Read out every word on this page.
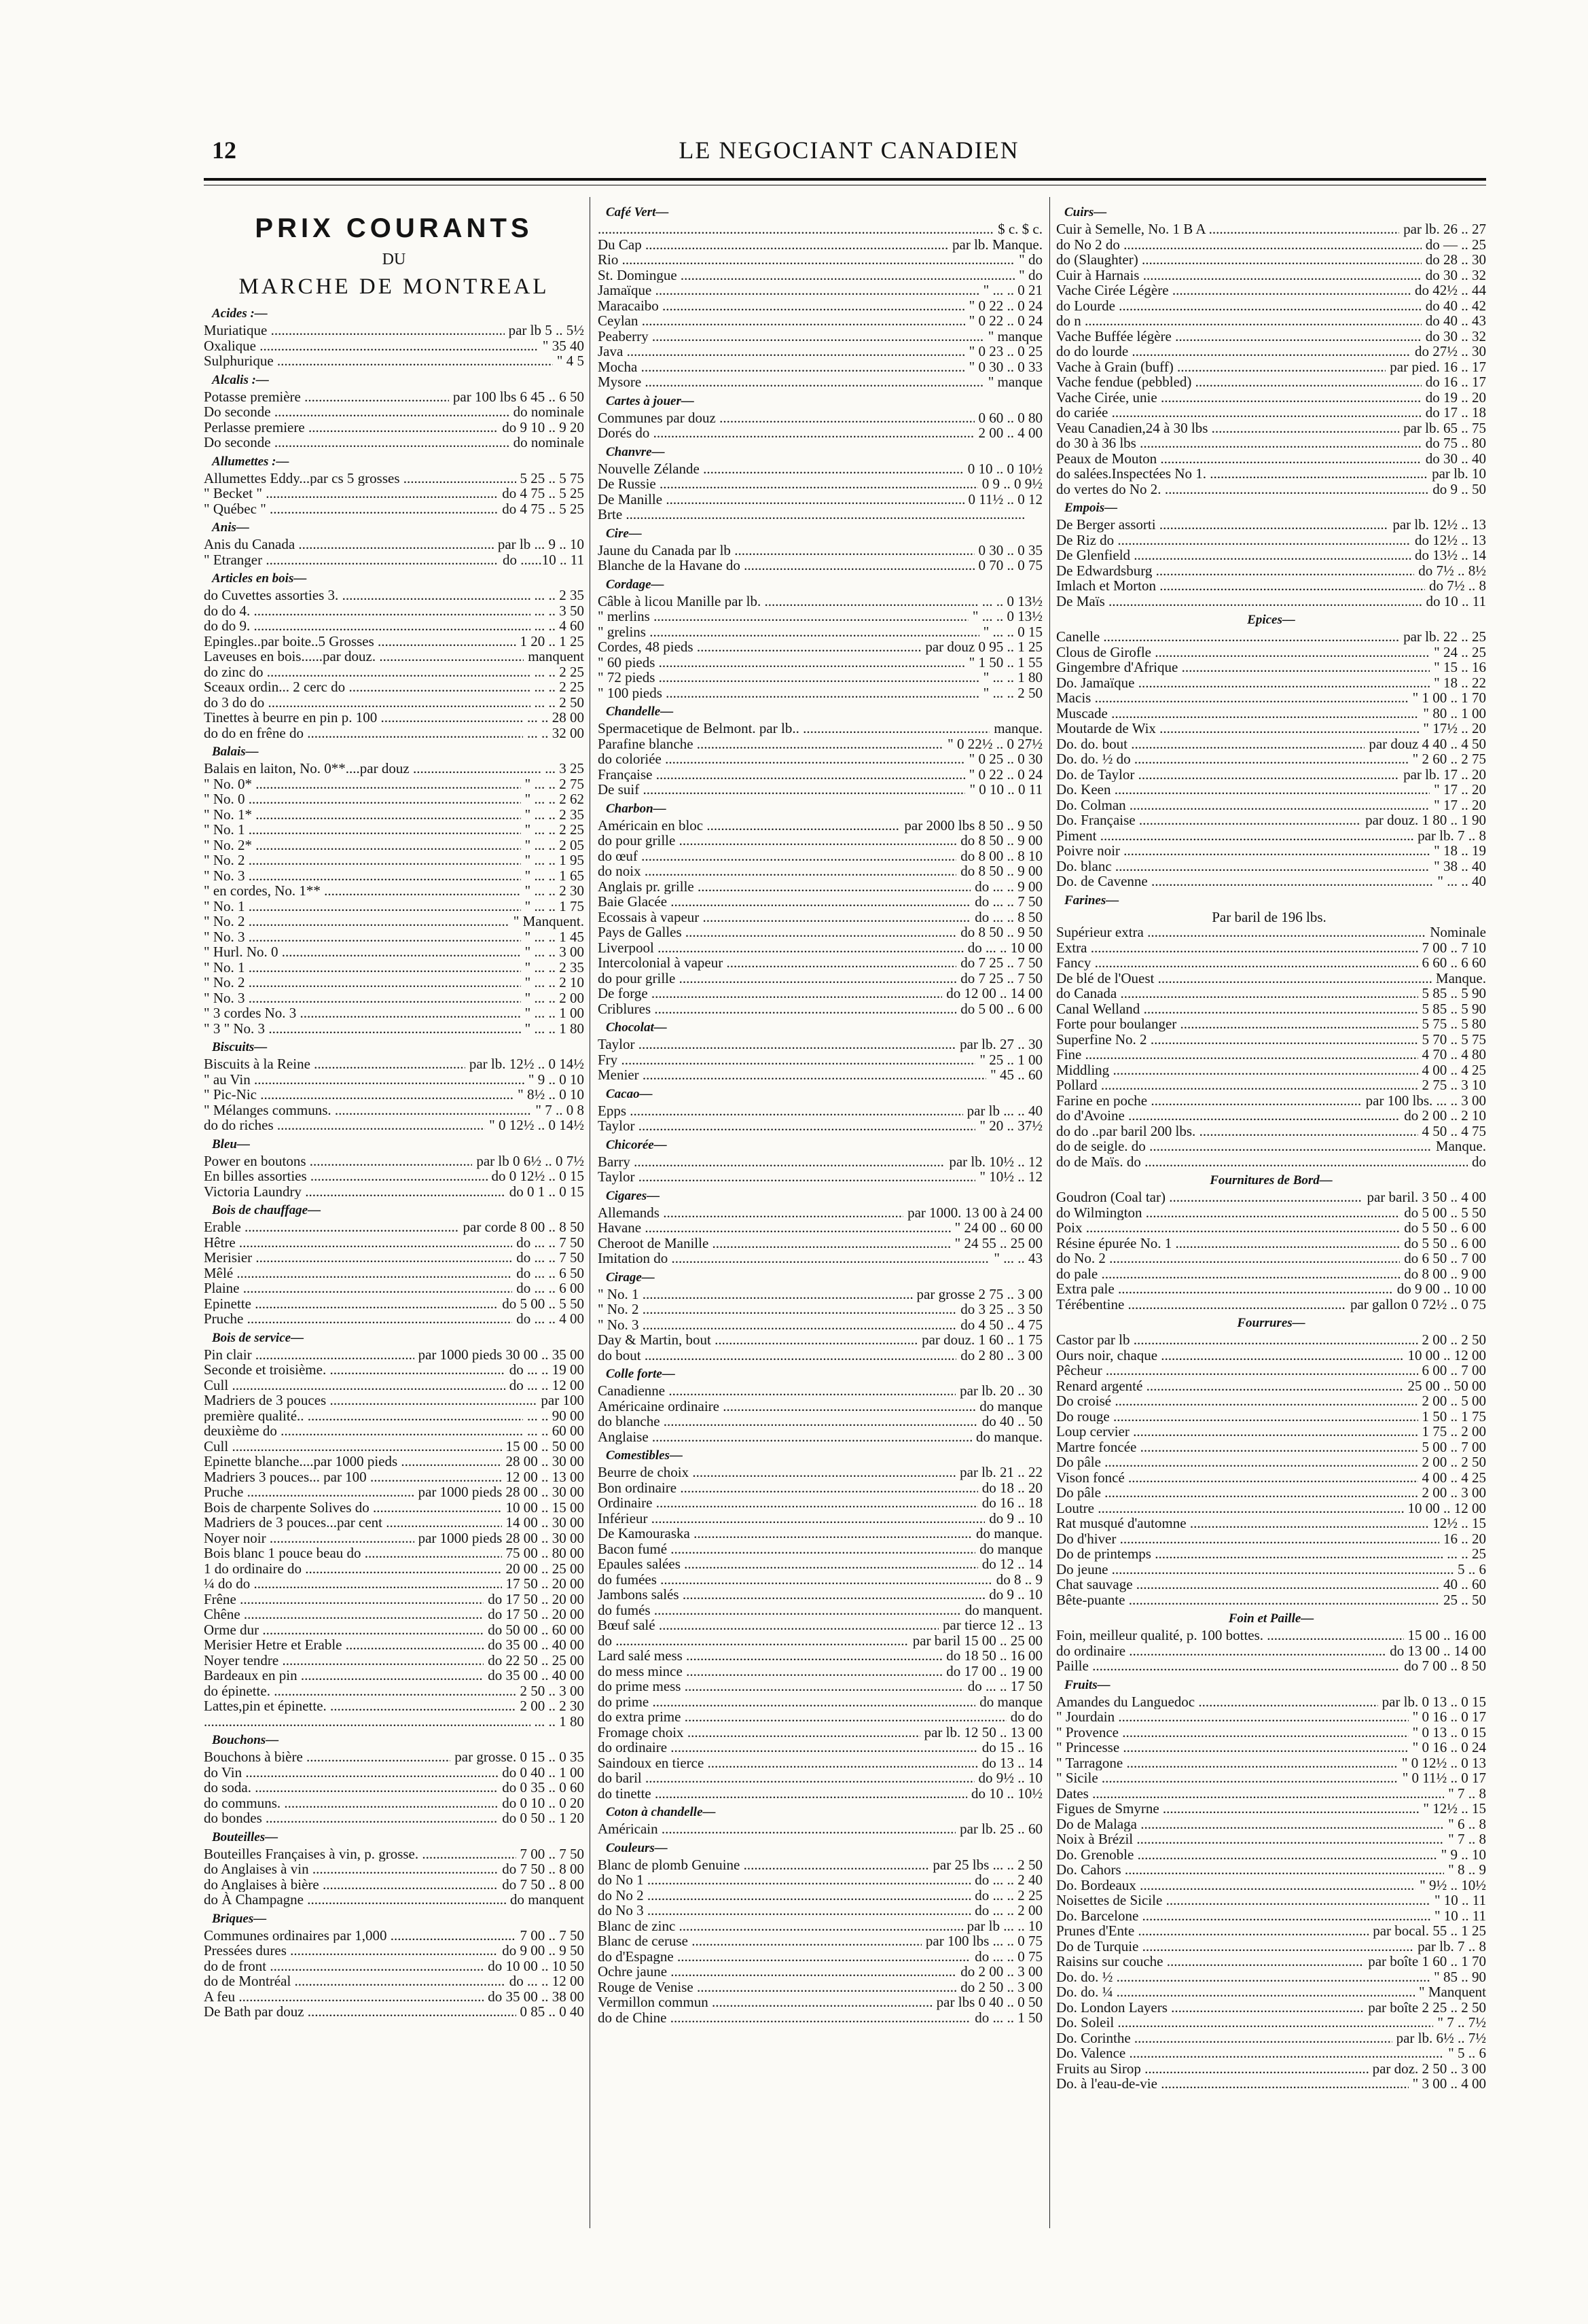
12	LE NEGOCIANT CANADIEN
PRIX COURANTS
DU
MARCHE DE MONTREAL
Acides :—
Muriatique .....	par lb 5 .. 5½
Oxalique .....	" 35 40
Sulphurique .....	" 4 5
Alcalis :—
Potasse première .....	par 100 lbs 6 45 .. 6 50
Do seconde .....	do nominale
Perlasse premiere .....	do 9 10 .. 9 20
Do seconde .....	do nominale
Allumettes :—
Allumettes Eddy...par cs 5 grosses .....	5 25 .. 5 75
" Becket " .....	do 4 75 .. 5 25
" Québec " .....	do 4 75 .. 5 25
Anis—
Anis du Canada .....	par lb ... 9 .. 10
" Etranger .....	do ......10 .. 11
Articles en bois—
do Cuvettes assorties 3. .....	... .. 2 35
do do 4. .....	... .. 3 50
do do 9. .....	... .. 4 60
Epingles..par boite..5 Grosses .....	1 20 .. 1 25
Laveuses en bois......par douz. .....	manquent
do zinc do .....	... .. 2 25
Sceaux ordin... 2 cerc do .....	... .. 2 25
do 3 do do .....	... .. 2 50
Tinettes à beurre en pin p. 100 .....	... .. 28 00
do do en frêne do .....	... .. 32 00
Balais—
Balais en laiton, No. 0**....par douz .....	... 3 25
" No. 0* .....	" ... .. 2 75
" No. 0 .....	" ... .. 2 62
" No. 1* .....	" ... .. 2 35
" No. 1 .....	" ... .. 2 25
" No. 2* .....	" ... .. 2 05
" No. 2 .....	" ... .. 1 95
" No. 3 .....	" ... .. 1 65
" en cordes, No. 1** .....	" ... .. 2 30
" No. 1 .....	" ... .. 1 75
" No. 2 .....	" Manquent.
" No. 3 .....	" ... .. 1 45
" Hurl. No. 0 .....	" ... .. 3 00
" No. 1 .....	" ... .. 2 35
" No. 2 .....	" ... .. 2 10
" No. 3 .....	" ... .. 2 00
" 3 cordes No. 3 .....	" ... .. 1 00
" 3 " No. 3 .....	" ... .. 1 80
Biscuits—
Biscuits à la Reine .....	par lb. 12½ .. 0 14½
" au Vin .....	" 9 .. 0 10
" Pic-Nic .....	" 8½ .. 0 10
" Mélanges communs. .....	" 7 .. 0 8
do do riches .....	" 0 12½ .. 0 14½
Bleu—
Power en boutons .....	par lb 0 6½ .. 0 7½
En billes assorties .....	do 0 12½ .. 0 15
Victoria Laundry .....	do 0 1 .. 0 15
Bois de chauffage—
Erable .....	par corde 8 00 .. 8 50
Hêtre .....	do ... .. 7 50
Merisier .....	do ... .. 7 50
Mêlé .....	do ... .. 6 50
Plaine .....	do ... .. 6 00
Epinette .....	do 5 00 .. 5 50
Pruche .....	do ... .. 4 00
Bois de service—
Pin clair .....	par 1000 pieds 30 00 .. 35 00
Seconde et troisième. .....	do ... .. 19 00
Cull .....	do ... .. 12 00
Madriers de 3 pouces .....	par 100
première qualité.. .....	... .. 90 00
deuxième do .....	... .. 60 00
Cull .....	15 00 .. 50 00
Epinette blanche....par 1000 pieds .....	28 00 .. 30 00
Madriers 3 pouces... par 100 .....	12 00 .. 13 00
Pruche .....	par 1000 pieds 28 00 .. 30 00
Bois de charpente Solives do .....	10 00 .. 15 00
Madriers de 3 pouces...par cent .....	14 00 .. 30 00
Noyer noir .....	par 1000 pieds 28 00 .. 30 00
Bois blanc 1 pouce beau do .....	75 00 .. 80 00
1 do ordinaire do .....	20 00 .. 25 00
¼ do do .....	17 50 .. 20 00
Frêne .....	do 17 50 .. 20 00
Chêne .....	do 17 50 .. 20 00
Orme dur .....	do 50 00 .. 60 00
Merisier Hetre et Erable .....	do 35 00 .. 40 00
Noyer tendre .....	do 22 50 .. 25 00
Bardeaux en pin .....	do 35 00 .. 40 00
do épinette. .....	2 50 .. 3 00
Lattes,pin et épinette. .....	2 00 .. 2 30
.....
... .. 1 80
Bouchons—
Bouchons à bière .....	par grosse. 0 15 .. 0 35
do Vin .....	do 0 40 .. 1 00
do soda. .....	do 0 35 .. 0 60
do communs. .....	do 0 10 .. 0 20
do bondes .....	do 0 50 .. 1 20
Bouteilles—
Bouteilles Françaises à vin, p. grosse. .....	7 00 .. 7 50
do Anglaises à vin .....	do 7 50 .. 8 00
do Anglaises à bière .....	do 7 50 .. 8 00
do À Champagne .....	do manquent
Briques—
Communes ordinaires par 1,000 .....	7 00 .. 7 50
Pressées dures .....	do 9 00 .. 9 50
do de front .....	do 10 00 .. 10 50
do de Montréal .....	do ... .. 12 00
A feu .....	do 35 00 .. 38 00
De Bath par douz .....	0 85 .. 0 40
Café Vert—
.....
$ c. $ c.
Du Cap .....	par lb. Manque.
Rio .....	" do
St. Domingue .....	" do
Jamaïque .....	" ... .. 0 21
Maracaibo .....	" 0 22 .. 0 24
Ceylan .....	" 0 22 .. 0 24
Peaberry .....	" manque
Java .....	" 0 23 .. 0 25
Mocha .....	" 0 30 .. 0 33
Mysore .....	" manque
Cartes à jouer—
Communes par douz .....	0 60 .. 0 80
Dorés do .....	2 00 .. 4 00
Chanvre—
Nouvelle Zélande .....	0 10 .. 0 10½
De Russie .....	0 9 .. 0 9½
De Manille .....	0 11½ .. 0 12
Brte .....
Cire—
Jaune du Canada par lb .....	0 30 .. 0 35
Blanche de la Havane do .....	0 70 .. 0 75
Cordage—
Câble à licou Manille par lb. .....	... .. 0 13½
" merlins .....	" ... .. 0 13½
" grelins .....	" ... .. 0 15
Cordes, 48 pieds .....	par douz 0 95 .. 1 25
" 60 pieds .....	" 1 50 .. 1 55
" 72 pieds .....	" ... .. 1 80
" 100 pieds .....	" ... .. 2 50
Chandelle—
Spermacetique de Belmont. par lb.. .....	manque.
Parafine blanche .....	" 0 22½ .. 0 27½
do coloriée .....	" 0 25 .. 0 30
Française .....	" 0 22 .. 0 24
De suif .....	" 0 10 .. 0 11
Charbon—
Américain en bloc .....	par 2000 lbs 8 50 .. 9 50
do pour grille .....	do 8 50 .. 9 00
do œuf .....	do 8 00 .. 8 10
do noix .....	do 8 50 .. 9 00
Anglais pr. grille .....	do ... .. 9 00
Baie Glacée .....	do ... .. 7 50
Ecossais à vapeur .....	do ... .. 8 50
Pays de Galles .....	do 8 50 .. 9 50
Liverpool .....	do ... .. 10 00
Intercolonial à vapeur .....	do 7 25 .. 7 50
do pour grille .....	do 7 25 .. 7 50
De forge .....	do 12 00 .. 14 00
Criblures .....	do 5 00 .. 6 00
Chocolat—
Taylor .....	par lb. 27 .. 30
Fry .....	" 25 .. 1 00
Menier .....	" 45 .. 60
Cacao—
Epps .....	par lb ... .. 40
Taylor .....	" 20 .. 37½
Chicorée—
Barry .....	par lb. 10½ .. 12
Taylor .....	" 10½ .. 12
Cigares—
Allemands .....	par 1000. 13 00 à 24 00
Havane .....	" 24 00 .. 60 00
Cheroot de Manille .....	" 24 55 .. 25 00
Imitation do .....	" ... .. 43
Cirage—
" No. 1 .....	par grosse 2 75 .. 3 00
" No. 2 .....	do 3 25 .. 3 50
" No. 3 .....	do 4 50 .. 4 75
Day & Martin, bout .....	par douz. 1 60 .. 1 75
do bout .....	do 2 80 .. 3 00
Colle forte—
Canadienne .....	par lb. 20 .. 30
Américaine ordinaire .....	do manque
do blanche .....	do 40 .. 50
Anglaise .....	do manque.
Comestibles—
Beurre de choix .....	par lb. 21 .. 22
Bon ordinaire .....	do 18 .. 20
Ordinaire .....	do 16 .. 18
Inférieur .....	do 9 .. 10
De Kamouraska .....	do manque.
Bacon fumé .....	do manque
Epaules salées .....	do 12 .. 14
do fumées .....	do 8 .. 9
Jambons salés .....	do 9 .. 10
do fumés .....	do manquent.
Bœuf salé .....	par tierce 12 .. 13
do .....	par baril 15 00 .. 25 00
Lard salé mess .....	do 18 50 .. 16 00
do mess mince .....	do 17 00 .. 19 00
do prime mess .....	do ... .. 17 50
do prime .....	do manque
do extra prime .....	do do
Fromage choix .....	par lb. 12 50 .. 13 00
do ordinaire .....	do 15 .. 16
Saindoux en tierce .....	do 13 .. 14
do baril .....	do 9½ .. 10
do tinette .....	do 10 .. 10½
Coton à chandelle—
Américain .....	par lb. 25 .. 60
Couleurs—
Blanc de plomb Genuine .....	par 25 lbs ... .. 2 50
do No 1 .....	do ... .. 2 40
do No 2 .....	do ... .. 2 25
do No 3 .....	do ... .. 2 00
Blanc de zinc .....	par lb ... .. 10
Blanc de ceruse .....	par 100 lbs ... .. 0 75
do d'Espagne .....	do ... .. 0 75
Ochre jaune .....	do 2 00 .. 3 00
Rouge de Venise .....	do 2 50 .. 3 00
Vermillon commun .....	par lbs 0 40 .. 0 50
do de Chine .....	do ... .. 1 50
Cuirs—
Cuir à Semelle, No. 1 B A .....	par lb. 26 .. 27
do No 2 do .....	do — .. 25
do (Slaughter) .....	do 28 .. 30
Cuir à Harnais .....	do 30 .. 32
Vache Cirée Légère .....	do 42½ .. 44
do Lourde .....	do 40 .. 42
do n .....	do 40 .. 43
Vache Buffée légère .....	do 30 .. 32
do do lourde .....	do 27½ .. 30
Vache à Grain (buff) .....	par pied. 16 .. 17
Vache fendue (pebbled) .....	do 16 .. 17
Vache Cirée, unie .....	do 19 .. 20
do cariée .....	do 17 .. 18
Veau Canadien,24 à 30 lbs .....	par lb. 65 .. 75
do 30 à 36 lbs .....	do 75 .. 80
Peaux de Mouton .....	do 30 .. 40
do salées.Inspectées No 1. .....	par lb. 10
do vertes do No 2. .....	do 9 .. 50
Empois—
De Berger assorti .....	par lb. 12½ .. 13
De Riz do .....	do 12½ .. 13
De Glenfield .....	do 13½ .. 14
De Edwardsburg .....	do 7½ .. 8½
Imlach et Morton .....	do 7½ .. 8
De Maïs .....	do 10 .. 11
Epices—
Canelle .....	par lb. 22 .. 25
Clous de Girofle .....	" 24 .. 25
Gingembre d'Afrique .....	" 15 .. 16
Do. Jamaïque .....	" 18 .. 22
Macis .....	" 1 00 .. 1 70
Muscade .....	" 80 .. 1 00
Moutarde de Wix .....	" 17½ .. 20
Do. do. bout .....	par douz 4 40 .. 4 50
Do. do. ½ do .....	" 2 60 .. 2 75
Do. de Taylor .....	par lb. 17 .. 20
Do. Keen .....	" 17 .. 20
Do. Colman .....	" 17 .. 20
Do. Française .....	par douz. 1 80 .. 1 90
Piment .....	par lb. 7 .. 8
Poivre noir .....	" 18 .. 19
Do. blanc .....	" 38 .. 40
Do. de Cavenne .....	" ... .. 40
Farines—
Par baril de 196 lbs.
Supérieur extra .....	Nominale
Extra .....	7 00 .. 7 10
Fancy .....	6 60 .. 6 60
De blé de l'Ouest .....	Manque.
do Canada .....	5 85 .. 5 90
Canal Welland .....	5 85 .. 5 90
Forte pour boulanger .....	5 75 .. 5 80
Superfine No. 2 .....	5 70 .. 5 75
Fine .....	4 70 .. 4 80
Middling .....	4 00 .. 4 25
Pollard .....	2 75 .. 3 10
Farine en poche .....	par 100 lbs. ... .. 3 00
do d'Avoine .....	do 2 00 .. 2 10
do do ..par baril 200 lbs. .....	4 50 .. 4 75
do de seigle. do .....	Manque.
do de Maïs. do .....	do
Fournitures de Bord—
Goudron (Coal tar) .....	par baril. 3 50 .. 4 00
do Wilmington .....	do 5 00 .. 5 50
Poix .....	do 5 50 .. 6 00
Résine épurée No. 1 .....	do 5 50 .. 6 00
do No. 2 .....	do 6 50 .. 7 00
do pale .....	do 8 00 .. 9 00
Extra pale .....	do 9 00 .. 10 00
Térébentine .....	par gallon 0 72½ .. 0 75
Fourrures—
Castor par lb .....	2 00 .. 2 50
Ours noir, chaque .....	10 00 .. 12 00
Pêcheur .....	6 00 .. 7 00
Renard argenté .....	25 00 .. 50 00
Do croisé .....	2 00 .. 5 00
Do rouge .....	1 50 .. 1 75
Loup cervier .....	1 75 .. 2 00
Martre foncée .....	5 00 .. 7 00
Do pâle .....	2 00 .. 2 50
Vison foncé .....	4 00 .. 4 25
Do pâle .....	2 00 .. 3 00
Loutre .....	10 00 .. 12 00
Rat musqué d'automne .....	12½ .. 15
Do d'hiver .....	16 .. 20
Do de printemps .....	... .. 25
Do jeune .....	5 .. 6
Chat sauvage .....	40 .. 60
Bête-puante .....	25 .. 50
Foin et Paille—
Foin, meilleur qualité, p. 100 bottes. .....	15 00 .. 16 00
do ordinaire .....	do 13 00 .. 14 00
Paille .....	do 7 00 .. 8 50
Fruits—
Amandes du Languedoc .....	par lb. 0 13 .. 0 15
" Jourdain .....	" 0 16 .. 0 17
" Provence .....	" 0 13 .. 0 15
" Princesse .....	" 0 16 .. 0 24
" Tarragone .....	" 0 12½ .. 0 13
" Sicile .....	" 0 11½ .. 0 17
Dates .....	" 7 .. 8
Figues de Smyrne .....	" 12½ .. 15
Do de Malaga .....	" 6 .. 8
Noix à Brézil .....	" 7 .. 8
Do. Grenoble .....	" 9 .. 10
Do. Cahors .....	" 8 .. 9
Do. Bordeaux .....	" 9½ .. 10½
Noisettes de Sicile .....	" 10 .. 11
Do. Barcelone .....	" 10 .. 11
Prunes d'Ente .....	par bocal. 55 .. 1 25
Do de Turquie .....	par lb. 7 .. 8
Raisins sur couche .....	par boîte 1 60 .. 1 70
Do. do. ½ .....	" 85 .. 90
Do. do. ¼ .....	" Manquent
Do. London Layers .....	par boîte 2 25 .. 2 50
Do. Soleil .....	" 7 .. 7½
Do. Corinthe .....	par lb. 6½ .. 7½
Do. Valence .....	" 5 .. 6
Fruits au Sirop .....	par doz. 2 50 .. 3 00
Do. à l'eau-de-vie .....	" 3 00 .. 4 00
